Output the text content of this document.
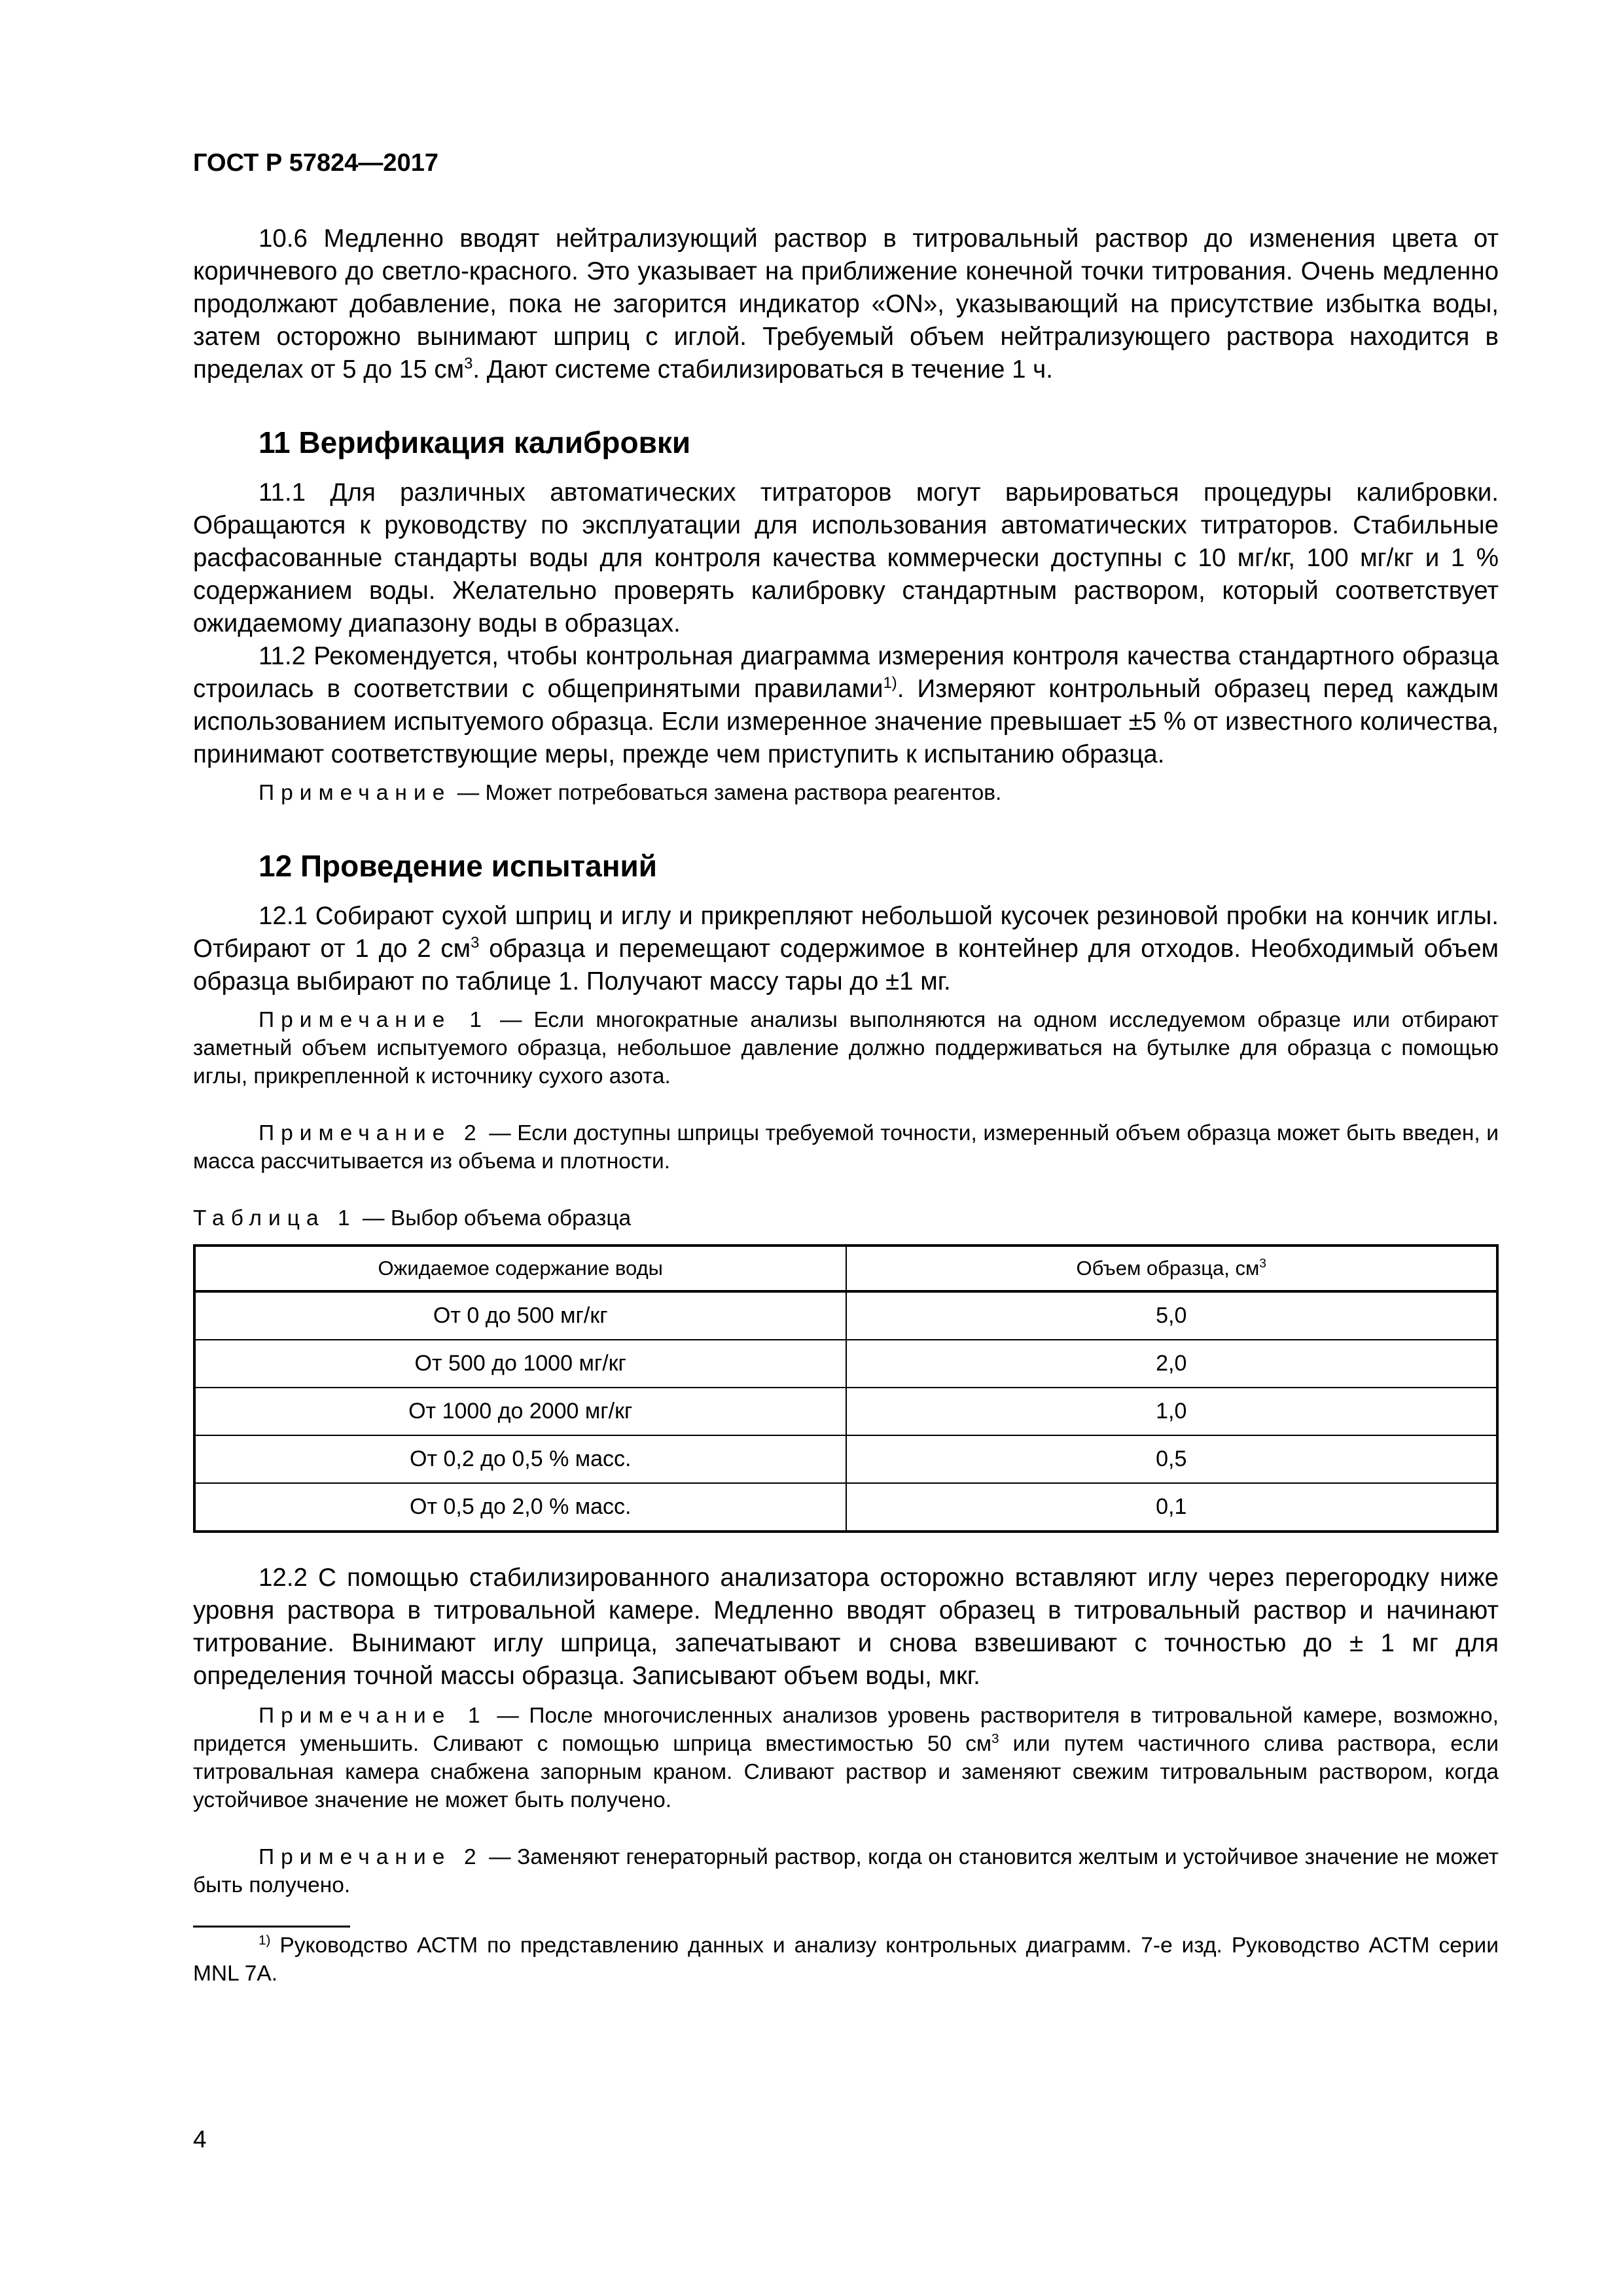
ГОСТ Р 57824—2017

10.6 Медленно вводят нейтрализующий раствор в титровальный раствор до изменения цвета от коричневого до светло-красного. Это указывает на приближение конечной точки титрования. Очень медленно продолжают добавление, пока не загорится индикатор «ON», указывающий на присутствие избытка воды, затем осторожно вынимают шприц с иглой. Требуемый объем нейтрализующего раствора находится в пределах от 5 до 15 $см^3$. Дают системе стабилизироваться в течение 1 ч.

11 Верификация калибровки

11.1 Для различных автоматических титраторов могут варьироваться процедуры калибровки. Обращаются к руководству по эксплуатации для использования автоматических титраторов. Стабильные расфасованные стандарты воды для контроля качества коммерчески доступны с 10 мг/кг, 100 мг/кг и 1 % содержанием воды. Желательно проверять калибровку стандартным раствором, который соответствует ожидаемому диапазону воды в образцах.

11.2 Рекомендуется, чтобы контрольная диаграмма измерения контроля качества стандартного образца строилась в соответствии с общепринятыми правилами$^{1)}$. Измеряют контрольный образец перед каждым использованием испытуемого образца. Если измеренное значение превышает ±5 % от известного количества, принимают соответствующие меры, прежде чем приступить к испытанию образца.

Примечание — Может потребоваться замена раствора реагентов.

12 Проведение испытаний

12.1 Собирают сухой шприц и иглу и прикрепляют небольшой кусочек резиновой пробки на кончик иглы. Отбирают от 1 до 2 $см^3$ образца и перемещают содержимое в контейнер для отходов. Необходимый объем образца выбирают по таблице 1. Получают массу тары до ±1 мг.

Примечание 1 — Если многократные анализы выполняются на одном исследуемом образце или отбирают заметный объем испытуемого образца, небольшое давление должно поддерживаться на бутылке для образца с помощью иглы, прикрепленной к источнику сухого азота.

Примечание 2 — Если доступны шприцы требуемой точности, измеренный объем образца может быть введен, и масса рассчитывается из объема и плотности.

Таблица 1 — Выбор объема образца

Ожидаемое содержание воды	Объем образца, $см^3$
От 0 до 500 мг/кг	5,0
От 500 до 1000 мг/кг	2,0
От 1000 до 2000 мг/кг	1,0
От 0,2 до 0,5 % масс.	0,5
От 0,5 до 2,0 % масс.	0,1

12.2 С помощью стабилизированного анализатора осторожно вставляют иглу через перегородку ниже уровня раствора в титровальной камере. Медленно вводят образец в титровальный раствор и начинают титрование. Вынимают иглу шприца, запечатывают и снова взвешивают с точностью до ± 1 мг для определения точной массы образца. Записывают объем воды, мкг.

Примечание 1 — После многочисленных анализов уровень растворителя в титровальной камере, возможно, придется уменьшить. Сливают с помощью шприца вместимостью 50 $см^3$ или путем частичного слива раствора, если титровальная камера снабжена запорным краном. Сливают раствор и заменяют свежим титровальным раствором, когда устойчивое значение не может быть получено.

Примечание 2 — Заменяют генераторный раствор, когда он становится желтым и устойчивое значение не может быть получено.

$^{1)}$ Руководство АСТМ по представлению данных и анализу контрольных диаграмм. 7-е изд. Руководство АСТМ серии MNL 7A.

4
